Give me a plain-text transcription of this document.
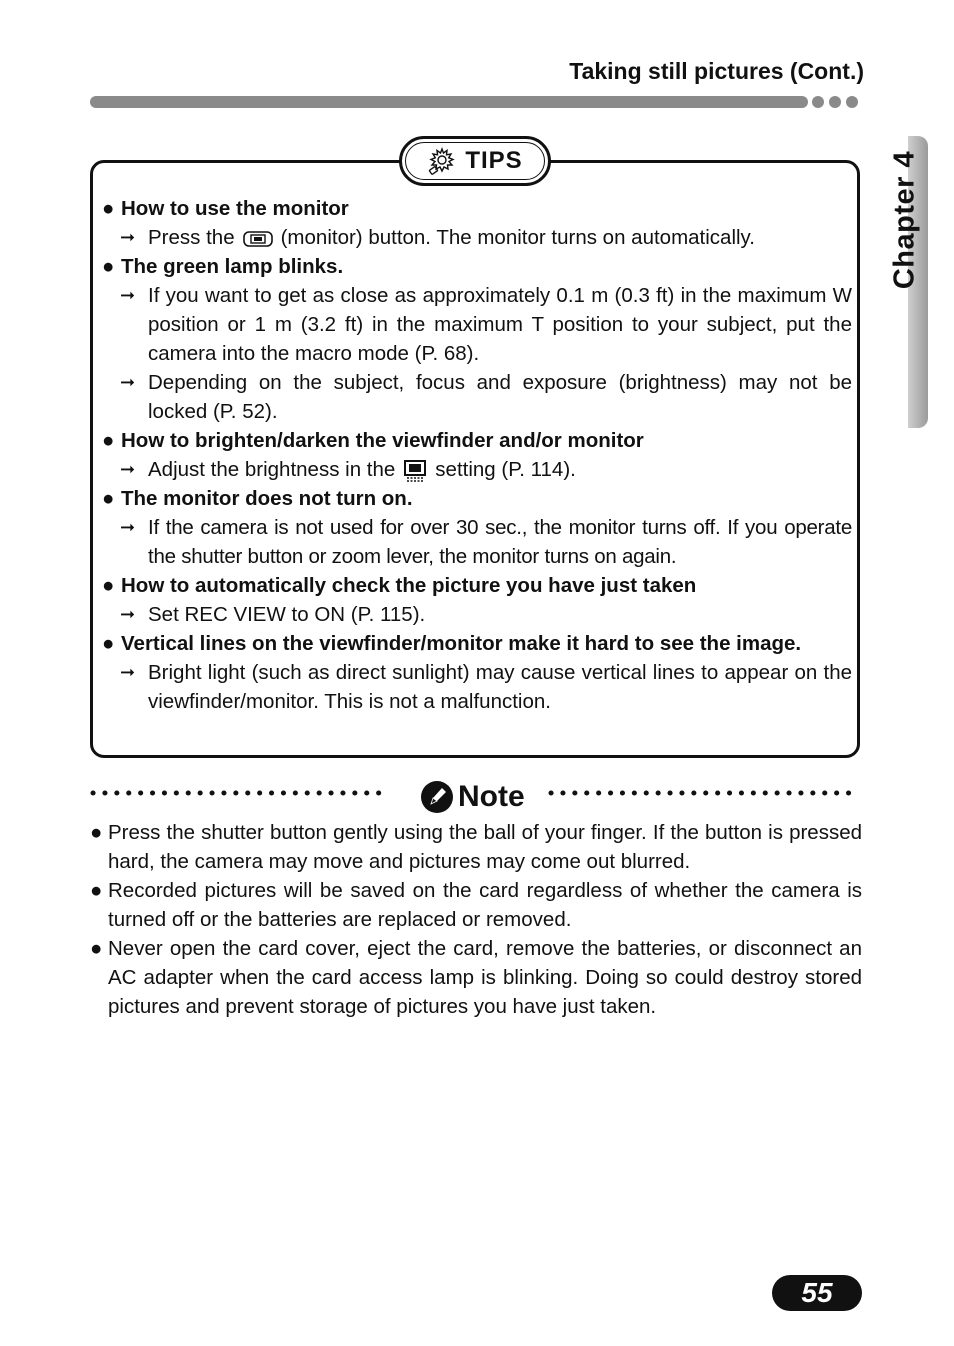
Taking still pictures (Cont.)
Chapter 4
TIPS
● How to use the monitor
➞ Press the (monitor) button. The monitor turns on automatically.
● The green lamp blinks.
➞ If you want to get as close as approximately 0.1 m (0.3 ft) in the maximum W position or 1 m (3.2 ft) in the maximum T position to your subject, put the camera into the macro mode (P. 68).
➞ Depending on the subject, focus and exposure (brightness) may not be locked (P. 52).
● How to brighten/darken the viewfinder and/or monitor
➞ Adjust the brightness in the setting (P. 114).
● The monitor does not turn on.
➞ If the camera is not used for over 30 sec., the monitor turns off. If you operate the shutter button or zoom lever, the monitor turns on again.
● How to automatically check the picture you have just taken
➞ Set REC VIEW to ON (P. 115).
● Vertical lines on the viewfinder/monitor make it hard to see the image.
➞ Bright light (such as direct sunlight) may cause vertical lines to appear on the viewfinder/monitor. This is not a malfunction.
Note
● Press the shutter button gently using the ball of your finger. If the button is pressed hard, the camera may move and pictures may come out blurred.
● Recorded pictures will be saved on the card regardless of whether the camera is turned off or the batteries are replaced or removed.
● Never open the card cover, eject the card, remove the batteries, or disconnect an AC adapter when the card access lamp is blinking. Doing so could destroy stored pictures and prevent storage of pictures you have just taken.
55
